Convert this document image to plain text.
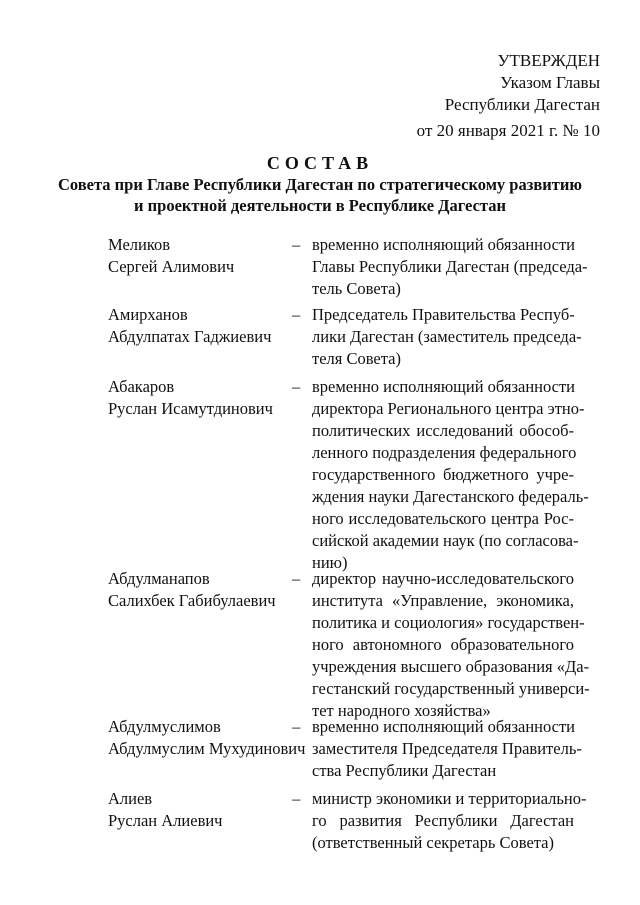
УТВЕРЖДЕН
Указом Главы
Республики Дагестан
от 20 января 2021 г. № 10
СОСТАВ
Совета при Главе Республики Дагестан по стратегическому развитию
и проектной деятельности в Республике Дагестан
Меликов
Сергей Алимович
– временно исполняющий обязанности
Главы Республики Дагестан (председа-
тель Совета)
Амирханов
Абдулпатах Гаджиевич
– Председатель Правительства Респуб-
лики Дагестан (заместитель председа-
теля Совета)
Абакаров
Руслан Исамутдинович
– временно исполняющий обязанности
директора Регионального центра этно-
политических исследований обособ-
ленного подразделения федерального
государственного бюджетного учре-
ждения науки Дагестанского федераль-
ного исследовательского центра Рос-
сийской академии наук (по согласова-
нию)
Абдулманапов
Салихбек Габибулаевич
– директор научно-исследовательского
института «Управление, экономика,
политика и социология» государствен-
ного автономного образовательного
учреждения высшего образования «Да-
гестанский государственный универси-
тет народного хозяйства»
Абдулмуслимов
Абдулмуслим Мухудинович
– временно исполняющий обязанности
заместителя Председателя Правитель-
ства Республики Дагестан
Алиев
Руслан Алиевич
– министр экономики и территориально-
го развития Республики Дагестан
(ответственный секретарь Совета)
